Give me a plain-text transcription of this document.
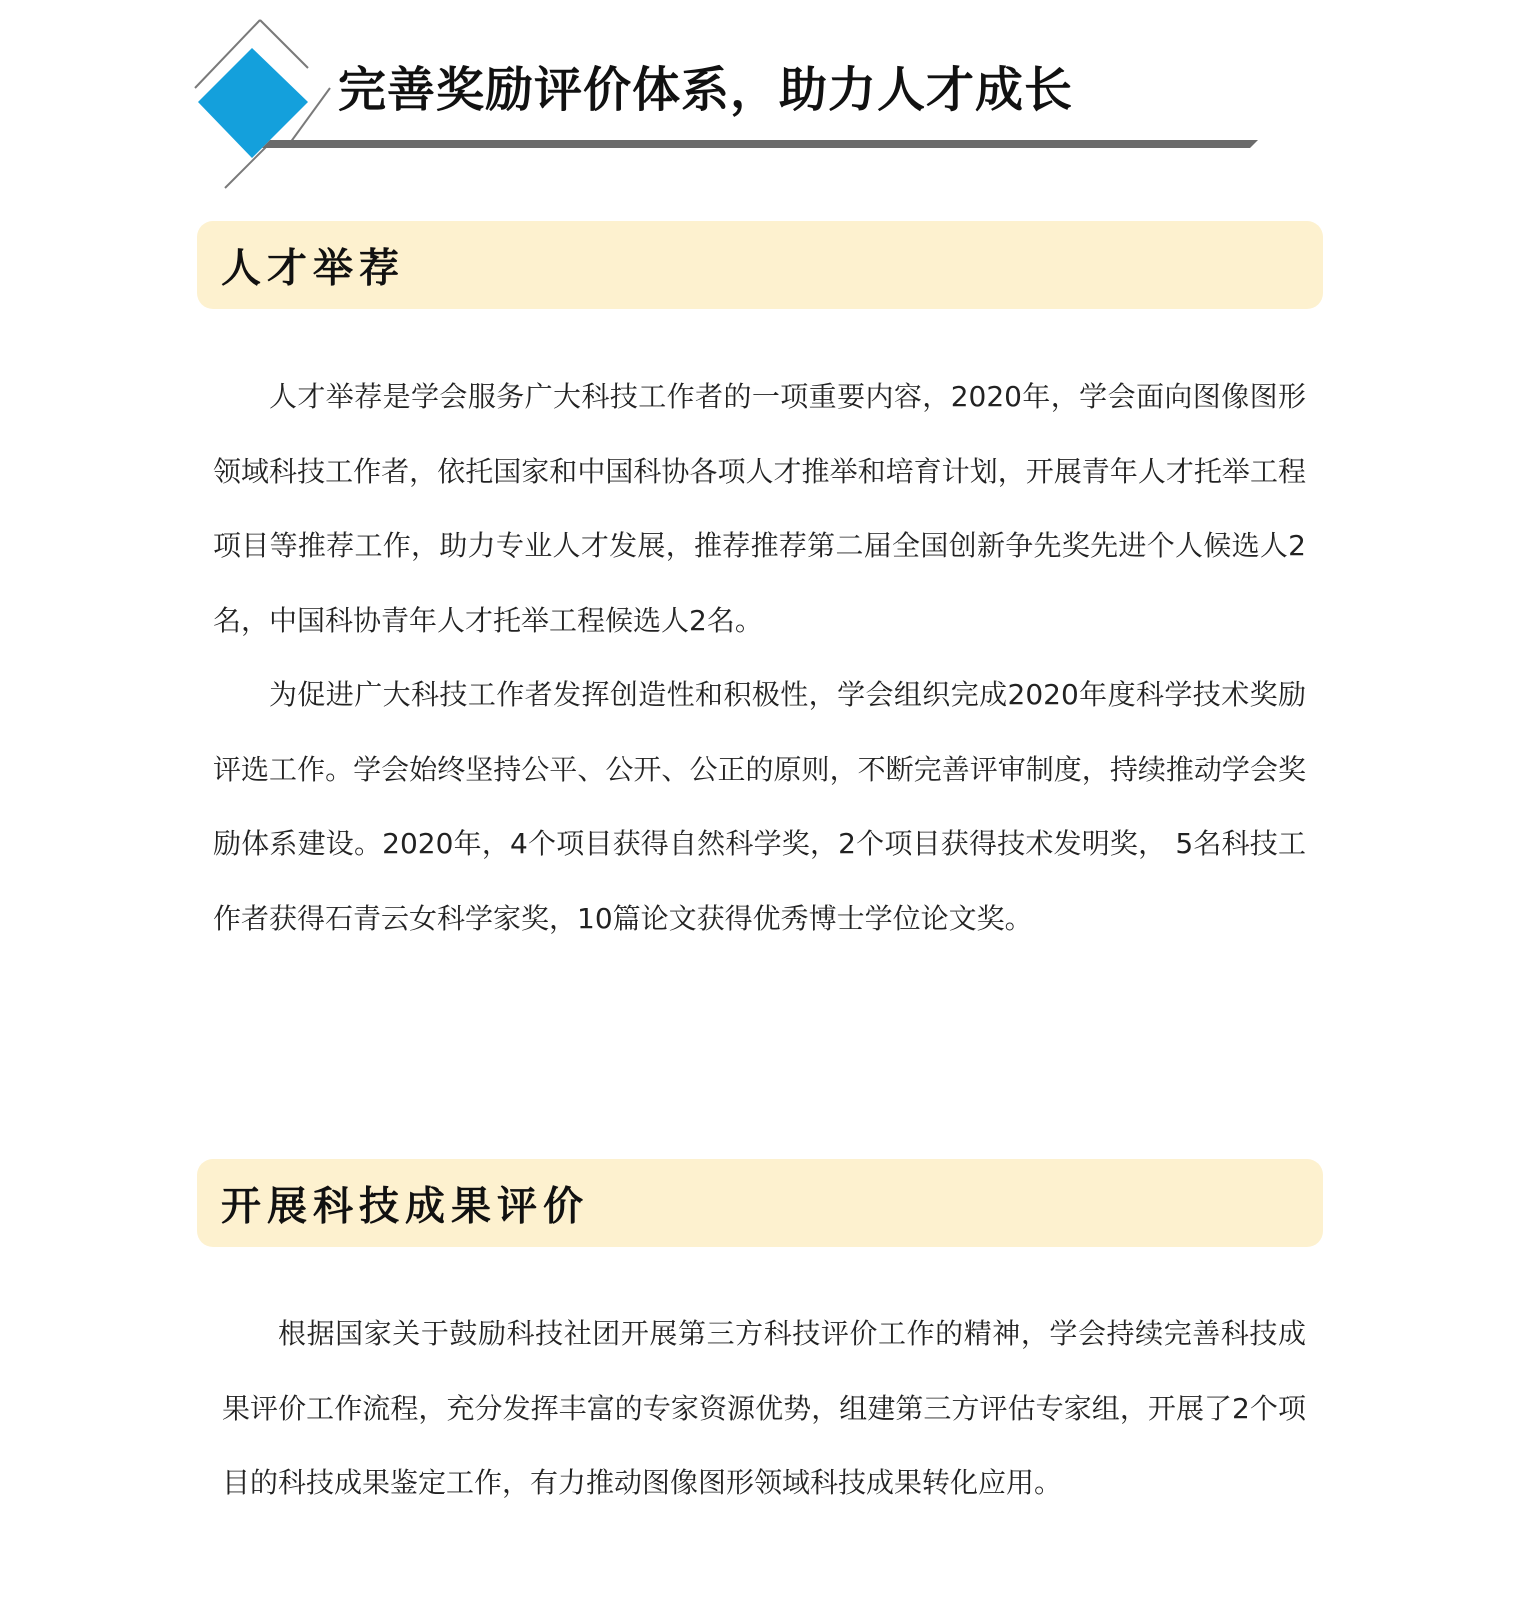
完善奖励评价体系，助力人才成长
人才举荐

人才举荐是学会服务广大科技工作者的一项重要内容，2020年，学会面向图像图形领域科技工作者，依托国家和中国科协各项人才推举和培育计划，开展青年人才托举工程项目等推荐工作，助力专业人才发展，推荐推荐第二届全国创新争先奖先进个人候选人2名，中国科协青年人才托举工程候选人2名。

为促进广大科技工作者发挥创造性和积极性，学会组织完成2020年度科学技术奖励评选工作。学会始终坚持公平、公开、公正的原则，不断完善评审制度，持续推动学会奖励体系建设。2020年，4个项目获得自然科学奖，2个项目获得技术发明奖， 5名科技工作者获得石青云女科学家奖，10篇论文获得优秀博士学位论文奖。

开展科技成果评价

根据国家关于鼓励科技社团开展第三方科技评价工作的精神，学会持续完善科技成果评价工作流程，充分发挥丰富的专家资源优势，组建第三方评估专家组，开展了2个项目的科技成果鉴定工作，有力推动图像图形领域科技成果转化应用。
